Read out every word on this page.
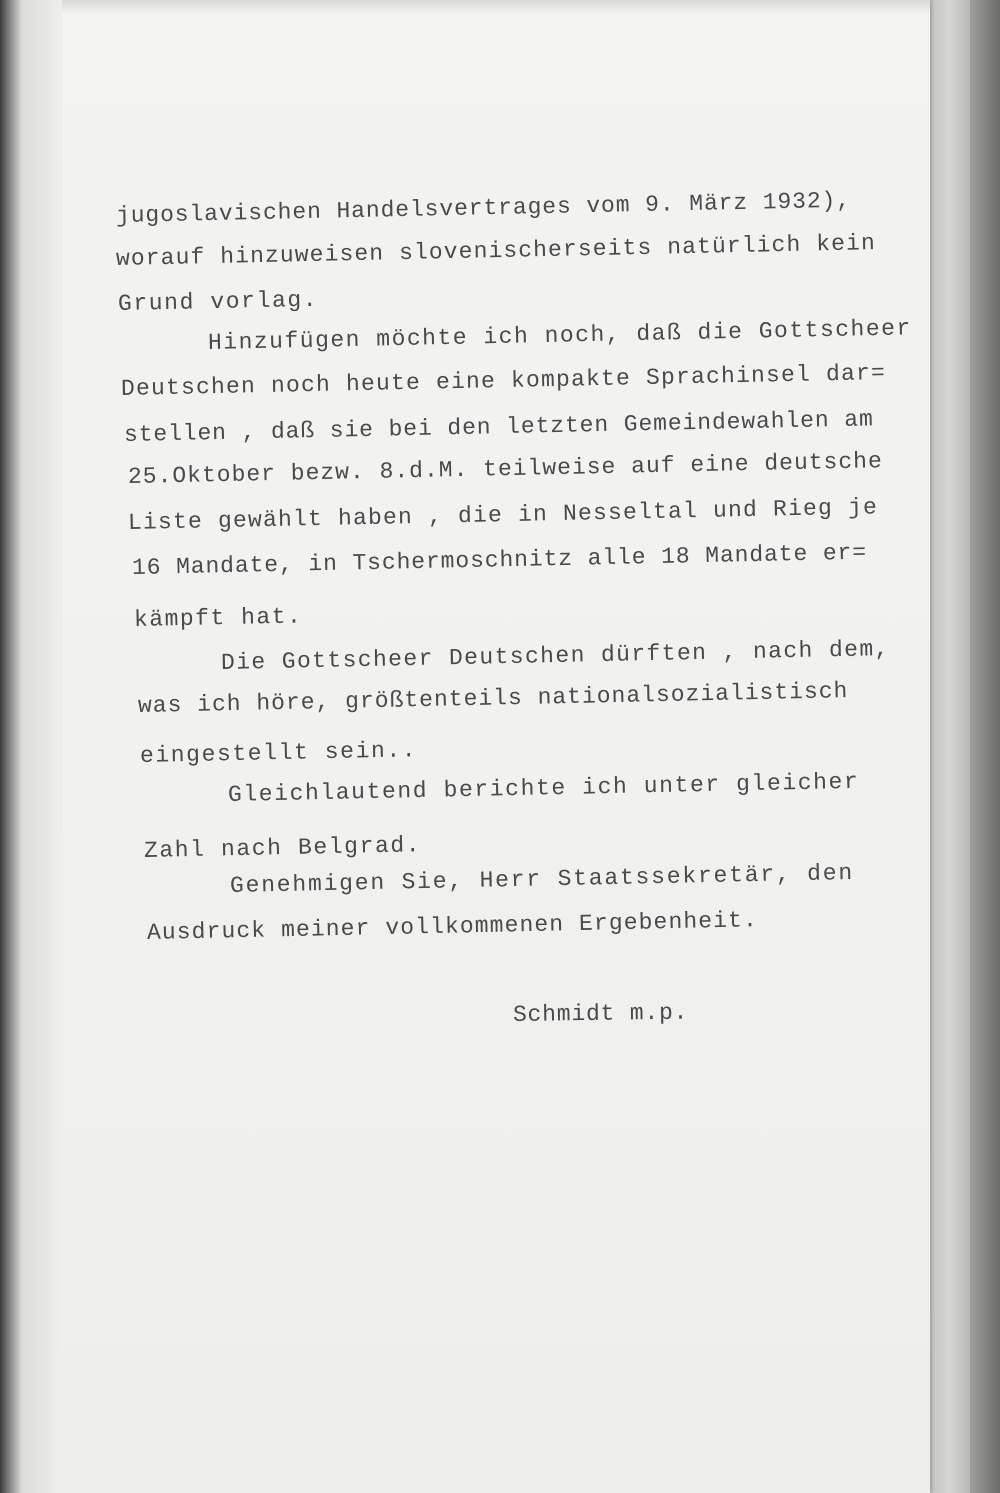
jugoslavischen Handelsvertrages vom 9. März 1932),
worauf hinzuweisen slovenischerseits natürlich kein
Grund vorlag.
Hinzufügen möchte ich noch, daß die Gottscheer
Deutschen noch heute eine kompakte Sprachinsel dar=
stellen , daß sie bei den letzten Gemeindewahlen am
25.Oktober bezw. 8.d.M. teilweise auf eine deutsche
Liste gewählt haben , die in Nesseltal und Rieg je
16 Mandate, in Tschermoschnitz alle 18 Mandate er=
kämpft hat.
Die Gottscheer Deutschen dürften , nach dem,
was ich höre, größtenteils nationalsozialistisch
eingestellt sein..
Gleichlautend berichte ich unter gleicher
Zahl nach Belgrad.
Genehmigen Sie, Herr Staatssekretär, den
Ausdruck meiner vollkommenen Ergebenheit.
Schmidt m.p.
